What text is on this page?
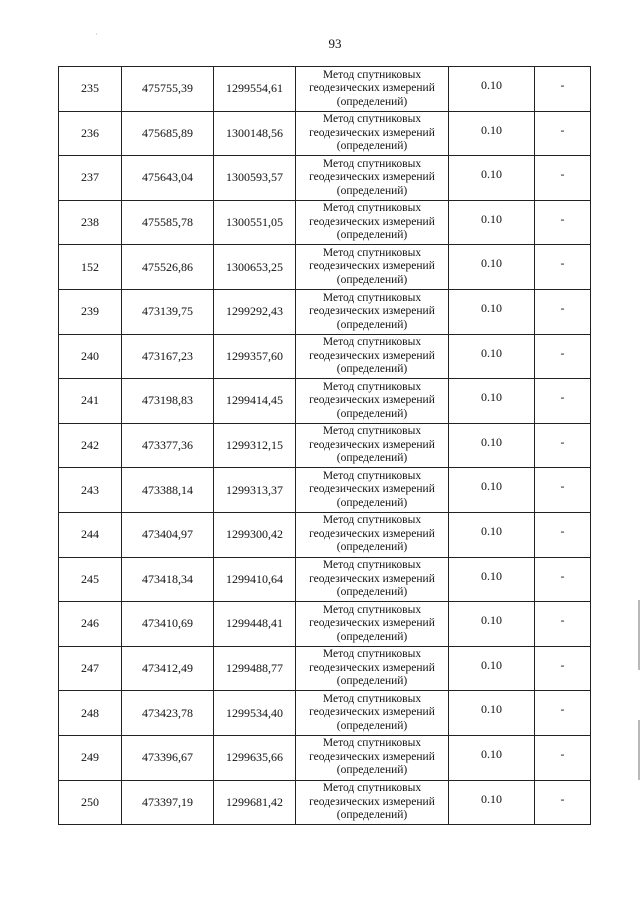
·
93
235	475755,39	1299554,61	Метод спутниковых
геодезических измерений
(определений)	0.10	-
236	475685,89	1300148,56	Метод спутниковых
геодезических измерений
(определений)	0.10	-
237	475643,04	1300593,57	Метод спутниковых
геодезических измерений
(определений)	0.10	-
238	475585,78	1300551,05	Метод спутниковых
геодезических измерений
(определений)	0.10	-
152	475526,86	1300653,25	Метод спутниковых
геодезических измерений
(определений)	0.10	-
239	473139,75	1299292,43	Метод спутниковых
геодезических измерений
(определений)	0.10	-
240	473167,23	1299357,60	Метод спутниковых
геодезических измерений
(определений)	0.10	-
241	473198,83	1299414,45	Метод спутниковых
геодезических измерений
(определений)	0.10	-
242	473377,36	1299312,15	Метод спутниковых
геодезических измерений
(определений)	0.10	-
243	473388,14	1299313,37	Метод спутниковых
геодезических измерений
(определений)	0.10	-
244	473404,97	1299300,42	Метод спутниковых
геодезических измерений
(определений)	0.10	-
245	473418,34	1299410,64	Метод спутниковых
геодезических измерений
(определений)	0.10	-
246	473410,69	1299448,41	Метод спутниковых
геодезических измерений
(определений)	0.10	-
247	473412,49	1299488,77	Метод спутниковых
геодезических измерений
(определений)	0.10	-
248	473423,78	1299534,40	Метод спутниковых
геодезических измерений
(определений)	0.10	-
249	473396,67	1299635,66	Метод спутниковых
геодезических измерений
(определений)	0.10	-
250	473397,19	1299681,42	Метод спутниковых
геодезических измерений
(определений)	0.10	-
